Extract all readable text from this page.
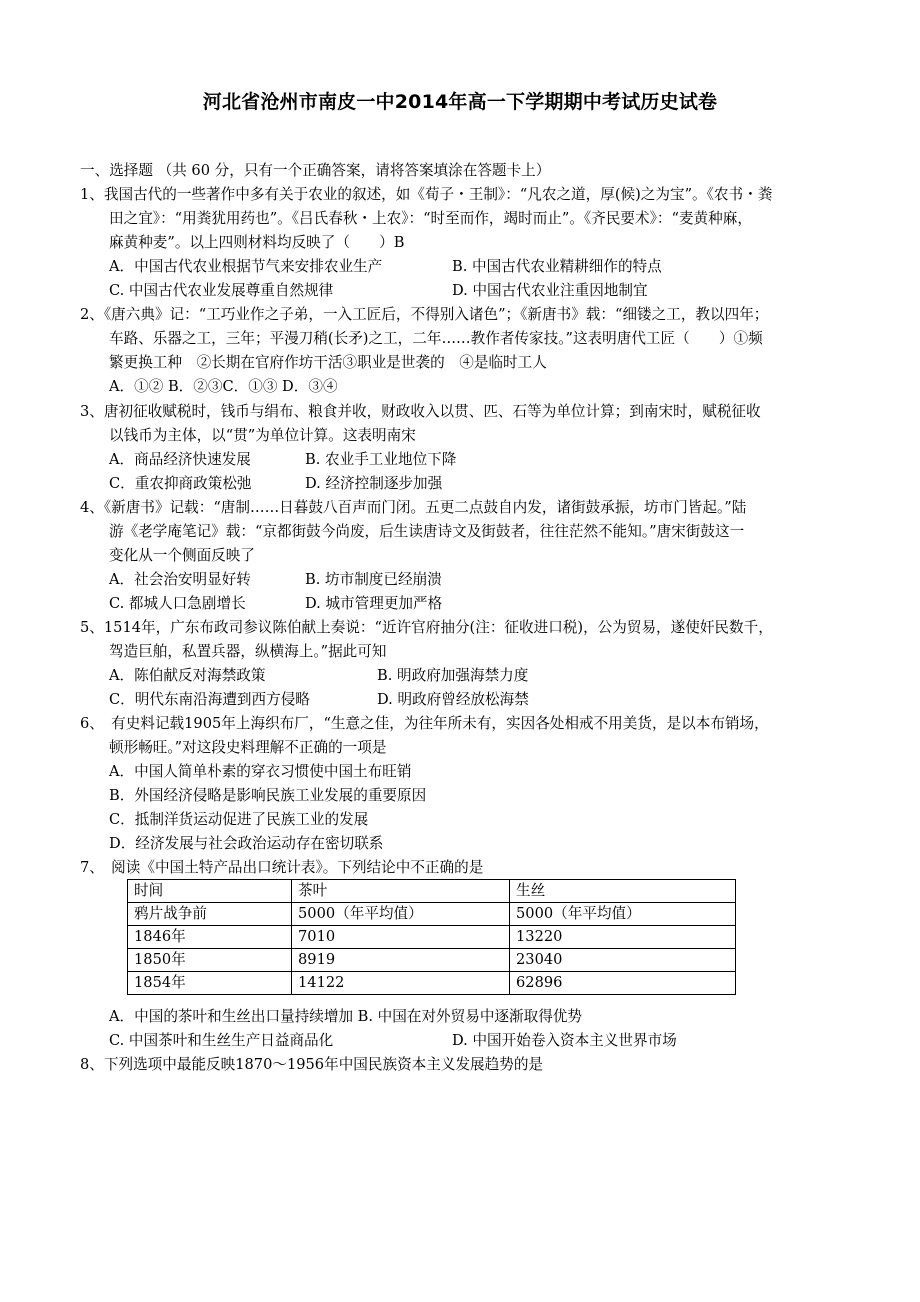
河北省沧州市南皮一中2014年高一下学期期中考试历史试卷
一、选择题 （共 60 分，只有一个正确答案，请将答案填涂在答题卡上）
1、我国古代的一些著作中多有关于农业的叙述，如《荀子・王制》：“凡农之道，厚(候)之为宝”。《农书・粪
田之宜》：“用粪犹用药也”。《吕氏春秋・上农》：“时至而作，竭时而止”。《齐民要术》：“麦黄种麻，
麻黄种麦”。以上四则材料均反映了（　　）B
A．中国古代农业根据节气来安排农业生产	B. 中国古代农业精耕细作的特点
C. 中国古代农业发展尊重自然规律	D. 中国古代农业注重因地制宜
2、《唐六典》记：“工巧业作之子弟，一入工匠后，不得别入诸色”；《新唐书》载：“细镂之工，教以四年；
车路、乐器之工，三年；平漫刀稍(长矛)之工，二年……教作者传家技。”这表明唐代工匠（　　）①频
繁更换工种　②长期在官府作坊干活③职业是世袭的　④是临时工人
A．①② B．②③C．①③ D．③④
3、唐初征收赋税时，钱币与绢布、粮食并收，财政收入以贯、匹、石等为单位计算；到南宋时，赋税征收
以钱币为主体，以“贯”为单位计算。这表明南宋
A．商品经济快速发展	B. 农业手工业地位下降
C．重农抑商政策松弛	D. 经济控制逐步加强
4、《新唐书》记载：“唐制……日暮鼓八百声而门闭。五更二点鼓自内发，诸街鼓承振，坊市门皆起。”陆
游《老学庵笔记》载：“京都街鼓今尚废，后生读唐诗文及街鼓者，往往茫然不能知。”唐宋街鼓这一
变化从一个侧面反映了
A．社会治安明显好转	B. 坊市制度已经崩溃
C. 都城人口急剧增长	D. 城市管理更加严格
5、1514年，广东布政司参议陈伯献上奏说：“近许官府抽分(注：征收进口税)，公为贸易，遂使奸民数千，
驾造巨舶，私置兵器，纵横海上。”据此可知
A．陈伯献反对海禁政策	B. 明政府加强海禁力度
C．明代东南沿海遭到西方侵略	D. 明政府曾经放松海禁
6、　有史料记载1905年上海织布厂，“生意之佳，为往年所未有，实因各处相戒不用美货，是以本布销场，
顿形畅旺。”对这段史料理解不正确的一项是
A．中国人简单朴素的穿衣习惯使中国土布旺销
B．外国经济侵略是影响民族工业发展的重要原因
C．抵制洋货运动促进了民族工业的发展
D．经济发展与社会政治运动存在密切联系
7、　阅读《中国土特产品出口统计表》。下列结论中不正确的是
时间	茶叶	生丝
鸦片战争前	5000（年平均值）	5000（年平均值）
1846年	7010	13220
1850年	8919	23040
1854年	14122	62896
A．中国的茶叶和生丝出口量持续增加 B. 中国在对外贸易中逐渐取得优势
C. 中国茶叶和生丝生产日益商品化	D. 中国开始卷入资本主义世界市场
8、下列选项中最能反映1870～1956年中国民族资本主义发展趋势的是
